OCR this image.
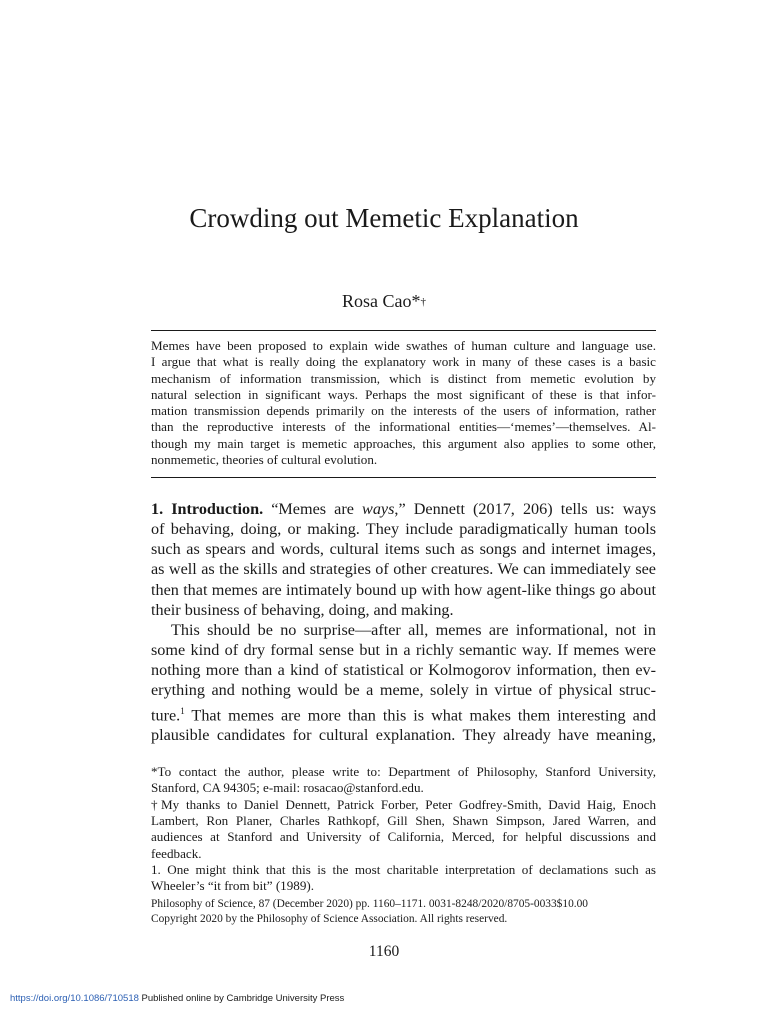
Crowding out Memetic Explanation
Rosa Cao*†
Memes have been proposed to explain wide swathes of human culture and language use.
I argue that what is really doing the explanatory work in many of these cases is a basic
mechanism of information transmission, which is distinct from memetic evolution by
natural selection in significant ways. Perhaps the most significant of these is that infor-
mation transmission depends primarily on the interests of the users of information, rather
than the reproductive interests of the informational entities—‘memes’—themselves. Al-
though my main target is memetic approaches, this argument also applies to some other,
nonmemetic, theories of cultural evolution.
1. Introduction. “Memes are ways,” Dennett (2017, 206) tells us: ways
of behaving, doing, or making. They include paradigmatically human tools
such as spears and words, cultural items such as songs and internet images,
as well as the skills and strategies of other creatures. We can immediately see
then that memes are intimately bound up with how agent-like things go about
their business of behaving, doing, and making.
This should be no surprise—after all, memes are informational, not in
some kind of dry formal sense but in a richly semantic way. If memes were
nothing more than a kind of statistical or Kolmogorov information, then ev-
erything and nothing would be a meme, solely in virtue of physical struc-
ture.$^1$ That memes are more than this is what makes them interesting and
plausible candidates for cultural explanation. They already have meaning,
*To contact the author, please write to: Department of Philosophy, Stanford University,
Stanford, CA 94305; e-mail: rosacao@stanford.edu.
†My thanks to Daniel Dennett, Patrick Forber, Peter Godfrey-Smith, David Haig, Enoch
Lambert, Ron Planer, Charles Rathkopf, Gill Shen, Shawn Simpson, Jared Warren, and
audiences at Stanford and University of California, Merced, for helpful discussions and
feedback.
1. One might think that this is the most charitable interpretation of declamations such as
Wheeler’s “it from bit” (1989).
Philosophy of Science, 87 (December 2020) pp. 1160–1171. 0031-8248/2020/8705-0033$10.00
Copyright 2020 by the Philosophy of Science Association. All rights reserved.
1160
https://doi.org/10.1086/710518 Published online by Cambridge University Press
